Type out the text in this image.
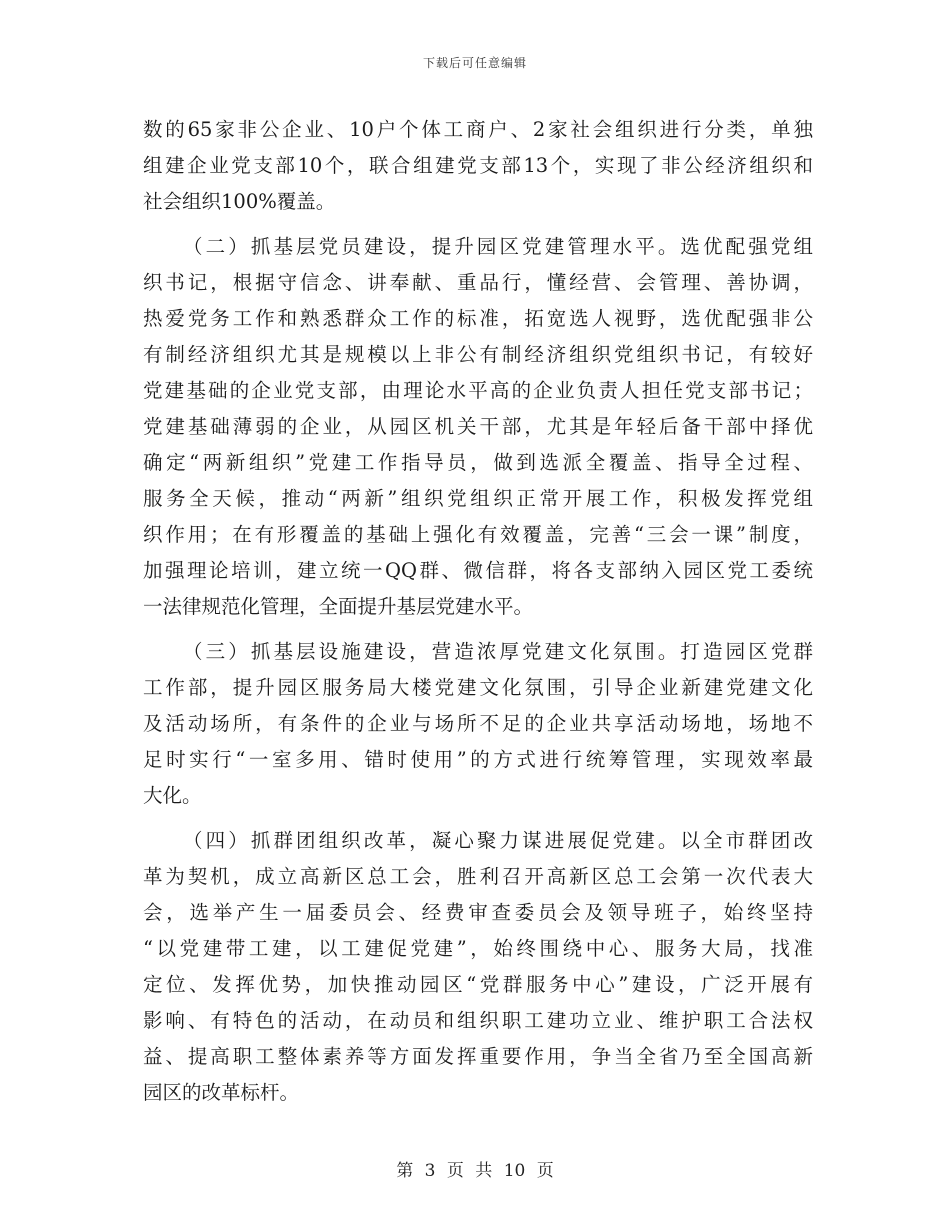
下载后可任意编辑
数的65家非公企业、10户个体工商户、2家社会组织进行分类，单独
组建企业党支部10个，联合组建党支部13个，实现了非公经济组织和
社会组织100%覆盖。
（二）抓基层党员建设，提升园区党建管理水平。选优配强党组
织书记，根据守信念、讲奉献、重品行，懂经营、会管理、善协调，
热爱党务工作和熟悉群众工作的标准，拓宽选人视野，选优配强非公
有制经济组织尤其是规模以上非公有制经济组织党组织书记，有较好
党建基础的企业党支部，由理论水平高的企业负责人担任党支部书记；
党建基础薄弱的企业，从园区机关干部，尤其是年轻后备干部中择优
确定“两新组织”党建工作指导员，做到选派全覆盖、指导全过程、
服务全天候，推动“两新”组织党组织正常开展工作，积极发挥党组
织作用；在有形覆盖的基础上强化有效覆盖，完善“三会一课”制度，
加强理论培训，建立统一QQ群、微信群，将各支部纳入园区党工委统
一法律规范化管理，全面提升基层党建水平。
（三）抓基层设施建设，营造浓厚党建文化氛围。打造园区党群
工作部，提升园区服务局大楼党建文化氛围，引导企业新建党建文化
及活动场所，有条件的企业与场所不足的企业共享活动场地，场地不
足时实行“一室多用、错时使用”的方式进行统筹管理，实现效率最
大化。
（四）抓群团组织改革，凝心聚力谋进展促党建。以全市群团改
革为契机，成立高新区总工会，胜利召开高新区总工会第一次代表大
会，选举产生一届委员会、经费审查委员会及领导班子，始终坚持
“以党建带工建，以工建促党建”，始终围绕中心、服务大局，找准
定位、发挥优势，加快推动园区“党群服务中心”建设，广泛开展有
影响、有特色的活动，在动员和组织职工建功立业、维护职工合法权
益、提高职工整体素养等方面发挥重要作用，争当全省乃至全国高新
园区的改革标杆。
第 3 页 共 10 页
